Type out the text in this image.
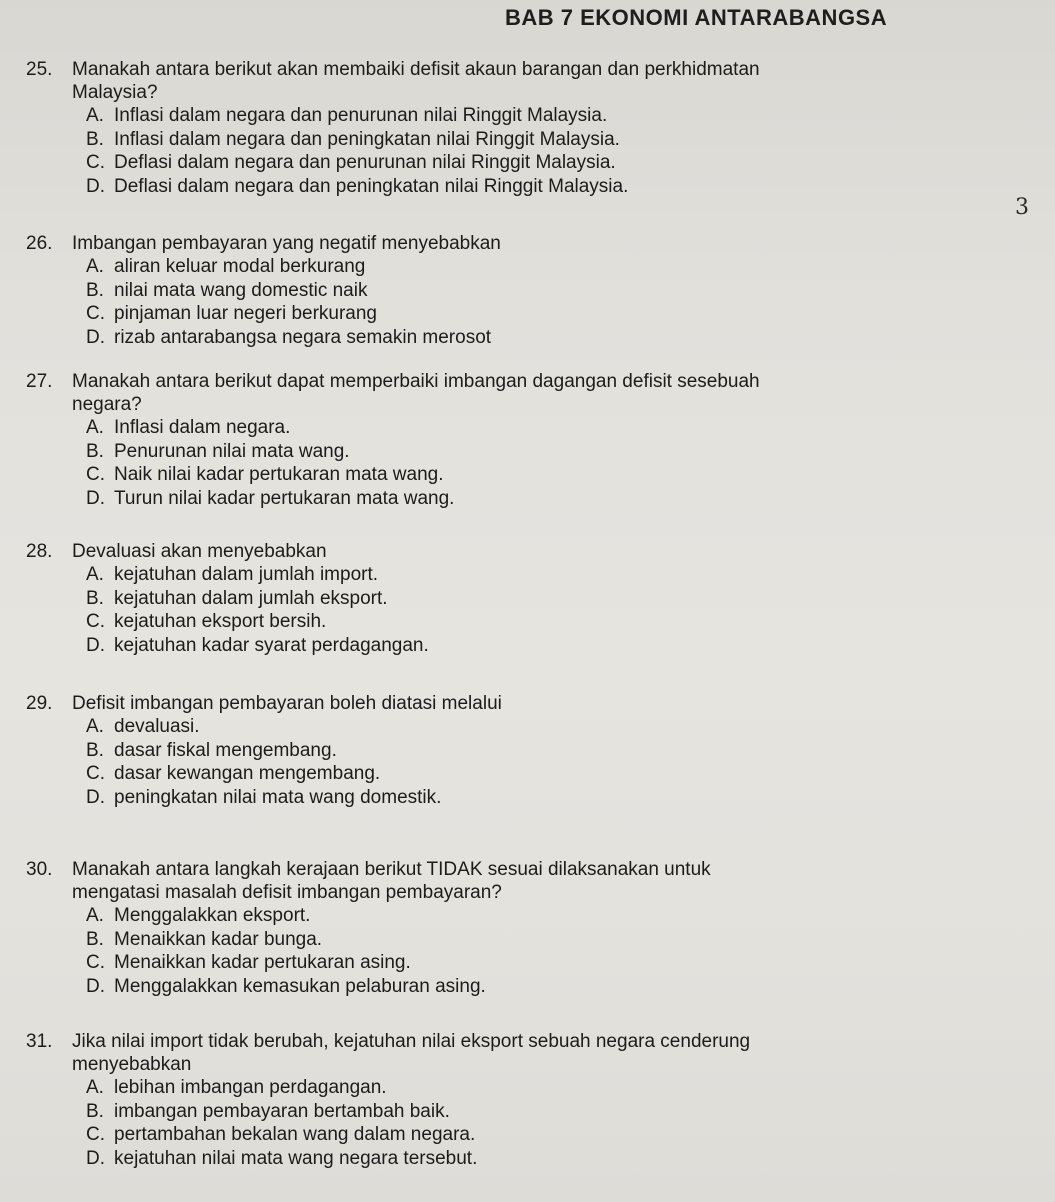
BAB 7 EKONOMI ANTARABANGSA
3
25. Manakah antara berikut akan membaiki defisit akaun barangan dan perkhidmatan
Malaysia?
A. Inflasi dalam negara dan penurunan nilai Ringgit Malaysia.
B. Inflasi dalam negara dan peningkatan nilai Ringgit Malaysia.
C. Deflasi dalam negara dan penurunan nilai Ringgit Malaysia.
D. Deflasi dalam negara dan peningkatan nilai Ringgit Malaysia.
26. Imbangan pembayaran yang negatif menyebabkan
A. aliran keluar modal berkurang
B. nilai mata wang domestic naik
C. pinjaman luar negeri berkurang
D. rizab antarabangsa negara semakin merosot
27. Manakah antara berikut dapat memperbaiki imbangan dagangan defisit sesebuah
negara?
A. Inflasi dalam negara.
B. Penurunan nilai mata wang.
C. Naik nilai kadar pertukaran mata wang.
D. Turun nilai kadar pertukaran mata wang.
28. Devaluasi akan menyebabkan
A. kejatuhan dalam jumlah import.
B. kejatuhan dalam jumlah eksport.
C. kejatuhan eksport bersih.
D. kejatuhan kadar syarat perdagangan.
29. Defisit imbangan pembayaran boleh diatasi melalui
A. devaluasi.
B. dasar fiskal mengembang.
C. dasar kewangan mengembang.
D. peningkatan nilai mata wang domestik.
30. Manakah antara langkah kerajaan berikut TIDAK sesuai dilaksanakan untuk
mengatasi masalah defisit imbangan pembayaran?
A. Menggalakkan eksport.
B. Menaikkan kadar bunga.
C. Menaikkan kadar pertukaran asing.
D. Menggalakkan kemasukan pelaburan asing.
31. Jika nilai import tidak berubah, kejatuhan nilai eksport sebuah negara cenderung
menyebabkan
A. lebihan imbangan perdagangan.
B. imbangan pembayaran bertambah baik.
C. pertambahan bekalan wang dalam negara.
D. kejatuhan nilai mata wang negara tersebut.
